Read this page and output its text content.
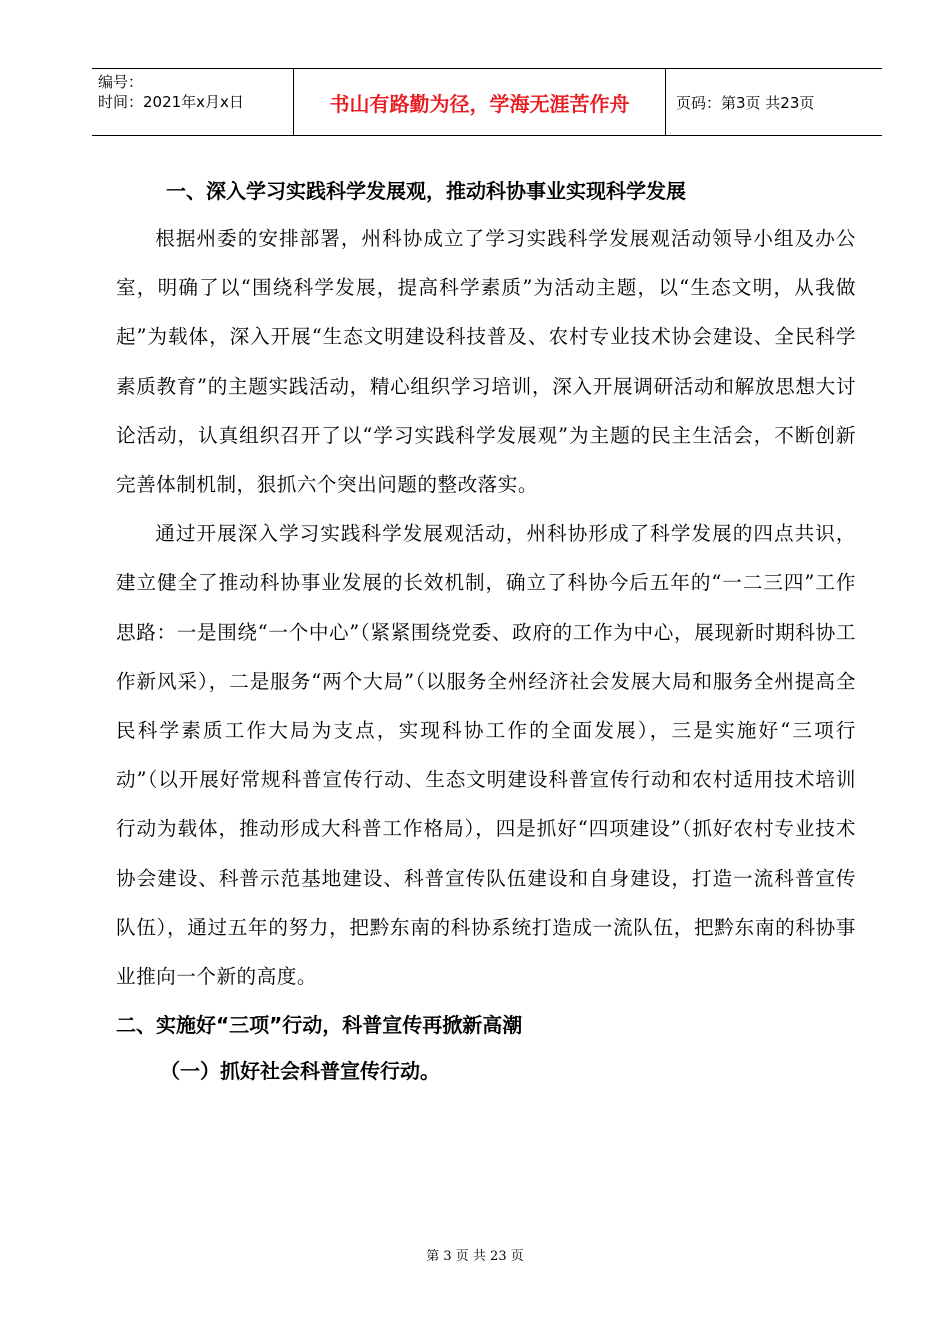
编号：
时间：2021年x月x日	书山有路勤为径，学海无涯苦作舟	页码：第3页 共23页

一、深入学习实践科学发展观，推动科协事业实现科学发展

根据州委的安排部署，州科协成立了学习实践科学发展观活动领导小组及办公室，明确了以“围绕科学发展，提高科学素质”为活动主题，以“生态文明，从我做起”为载体，深入开展“生态文明建设科技普及、农村专业技术协会建设、全民科学素质教育”的主题实践活动，精心组织学习培训，深入开展调研活动和解放思想大讨论活动，认真组织召开了以“学习实践科学发展观”为主题的民主生活会，不断创新完善体制机制，狠抓六个突出问题的整改落实。

通过开展深入学习实践科学发展观活动，州科协形成了科学发展的四点共识，建立健全了推动科协事业发展的长效机制，确立了科协今后五年的“一二三四”工作思路：一是围绕“一个中心”（紧紧围绕党委、政府的工作为中心，展现新时期科协工作新风采），二是服务“两个大局”（以服务全州经济社会发展大局和服务全州提高全民科学素质工作大局为支点，实现科协工作的全面发展），三是实施好“三项行动”（以开展好常规科普宣传行动、生态文明建设科普宣传行动和农村适用技术培训行动为载体，推动形成大科普工作格局），四是抓好“四项建设”（抓好农村专业技术协会建设、科普示范基地建设、科普宣传队伍建设和自身建设，打造一流科普宣传队伍），通过五年的努力，把黔东南的科协系统打造成一流队伍，把黔东南的科协事业推向一个新的高度。

二、实施好“三项”行动，科普宣传再掀新高潮

（一）抓好社会科普宣传行动。

第 3 页 共 23 页
